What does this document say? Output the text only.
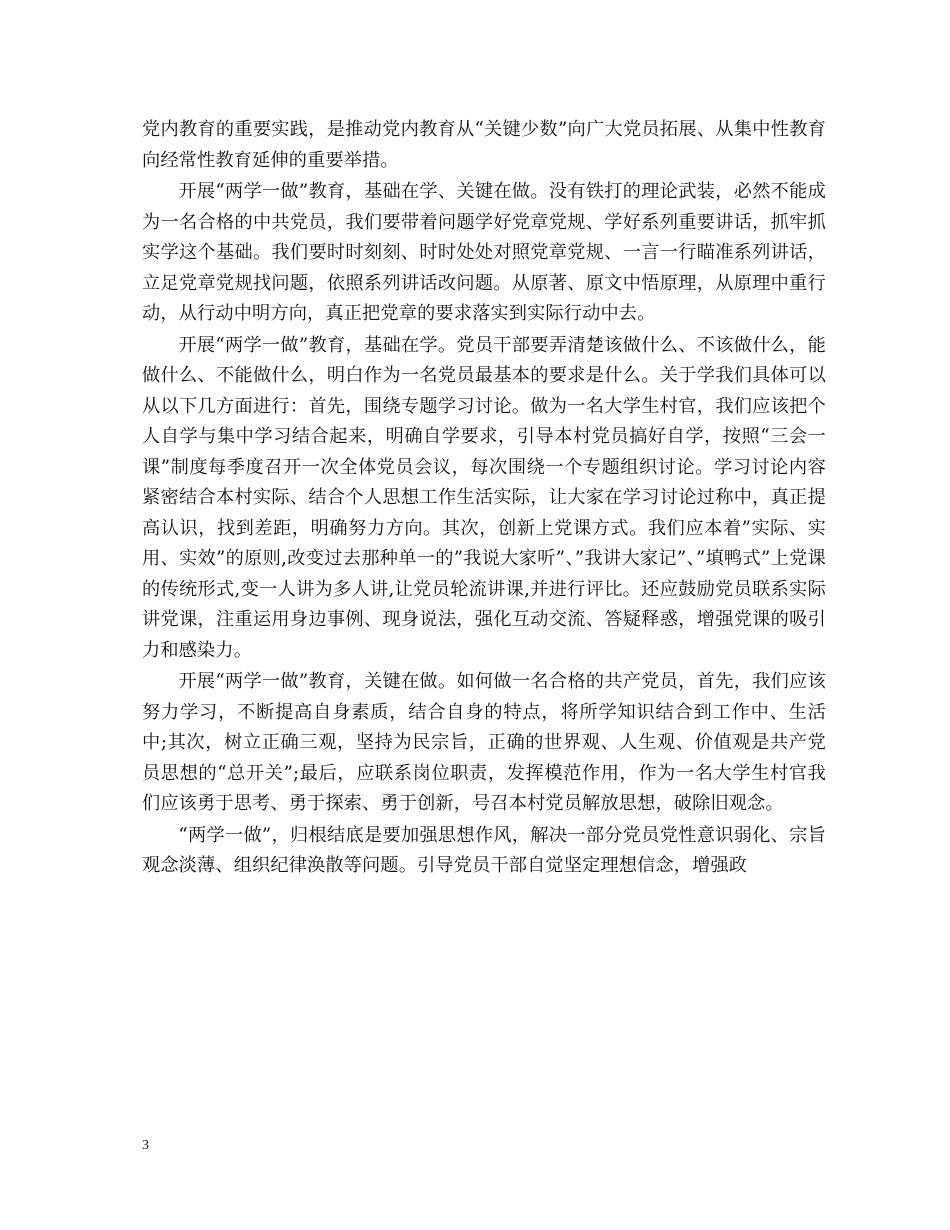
党内教育的重要实践，是推动党内教育从“关键少数”向广大党员拓展、从集中性教育向经常性教育延伸的重要举措。

开展“两学一做”教育，基础在学、关键在做。没有铁打的理论武装，必然不能成为一名合格的中共党员，我们要带着问题学好党章党规、学好系列重要讲话，抓牢抓实学这个基础。我们要时时刻刻、时时处处对照党章党规、一言一行瞄准系列讲话，立足党章党规找问题，依照系列讲话改问题。从原著、原文中悟原理，从原理中重行动，从行动中明方向，真正把党章的要求落实到实际行动中去。

开展“两学一做”教育，基础在学。党员干部要弄清楚该做什么、不该做什么，能做什么、不能做什么，明白作为一名党员最基本的要求是什么。关于学我们具体可以从以下几方面进行：首先，围绕专题学习讨论。做为一名大学生村官，我们应该把个人自学与集中学习结合起来，明确自学要求，引导本村党员搞好自学，按照“三会一课”制度每季度召开一次全体党员会议，每次围绕一个专题组织讨论。学习讨论内容紧密结合本村实际、结合个人思想工作生活实际，让大家在学习讨论过称中，真正提高认识，找到差距，明确努力方向。其次，创新上党课方式。我们应本着”实际、实用、实效”的原则,改变过去那种单一的”我说大家听”、”我讲大家记”、”填鸭式”上党课的传统形式,变一人讲为多人讲,让党员轮流讲课,并进行评比。还应鼓励党员联系实际讲党课，注重运用身边事例、现身说法，强化互动交流、答疑释惑，增强党课的吸引力和感染力。

开展“两学一做”教育，关键在做。如何做一名合格的共产党员，首先，我们应该努力学习，不断提高自身素质，结合自身的特点，将所学知识结合到工作中、生活中;其次，树立正确三观，坚持为民宗旨，正确的世界观、人生观、价值观是共产党员思想的“总开关”;最后，应联系岗位职责，发挥模范作用，作为一名大学生村官我们应该勇于思考、勇于探索、勇于创新，号召本村党员解放思想，破除旧观念。

“两学一做”，归根结底是要加强思想作风，解决一部分党员党性意识弱化、宗旨观念淡薄、组织纪律涣散等问题。引导党员干部自觉坚定理想信念，增强政

3
